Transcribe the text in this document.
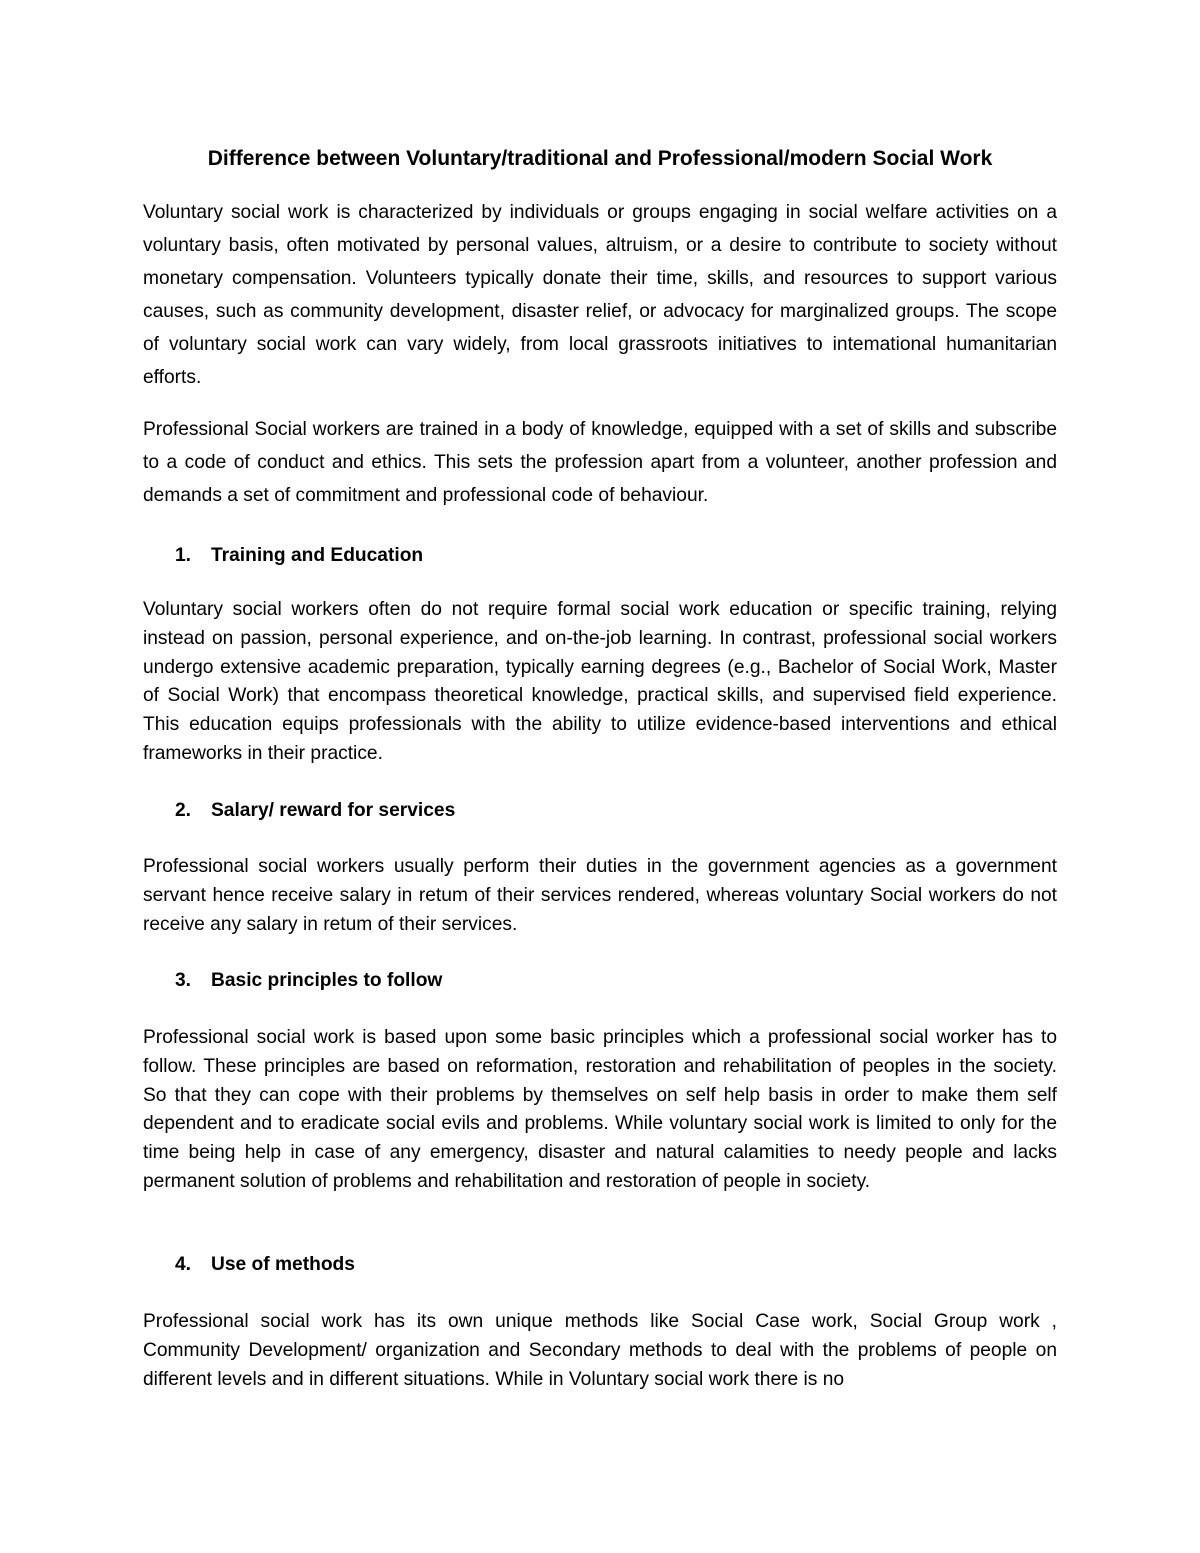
Difference between Voluntary/traditional and Professional/modern Social Work

Voluntary social work is characterized by individuals or groups engaging in social welfare activities on a voluntary basis, often motivated by personal values, altruism, or a desire to contribute to society without monetary compensation. Volunteers typically donate their time, skills, and resources to support various causes, such as community development, disaster relief, or advocacy for marginalized groups. The scope of voluntary social work can vary widely, from local grassroots initiatives to intemational humanitarian efforts.

Professional Social workers are trained in a body of knowledge, equipped with a set of skills and subscribe to a code of conduct and ethics. This sets the profession apart from a volunteer, another profession and demands a set of commitment and professional code of behaviour.

1. Training and Education

Voluntary social workers often do not require formal social work education or specific training, relying instead on passion, personal experience, and on-the-job learning. In contrast, professional social workers undergo extensive academic preparation, typically earning degrees (e.g., Bachelor of Social Work, Master of Social Work) that encompass theoretical knowledge, practical skills, and supervised field experience. This education equips professionals with the ability to utilize evidence-based interventions and ethical frameworks in their practice.

2. Salary/ reward for services

Professional social workers usually perform their duties in the government agencies as a government servant hence receive salary in retum of their services rendered, whereas voluntary Social workers do not receive any salary in retum of their services.

3. Basic principles to follow

Professional social work is based upon some basic principles which a professional social worker has to follow. These principles are based on reformation, restoration and rehabilitation of peoples in the society. So that they can cope with their problems by themselves on self help basis in order to make them self dependent and to eradicate social evils and problems. While voluntary social work is limited to only for the time being help in case of any emergency, disaster and natural calamities to needy people and lacks permanent solution of problems and rehabilitation and restoration of people in society.

4. Use of methods

Professional social work has its own unique methods like Social Case work, Social Group work , Community Development/ organization and Secondary methods to deal with the problems of people on different levels and in different situations. While in Voluntary social work there is no
